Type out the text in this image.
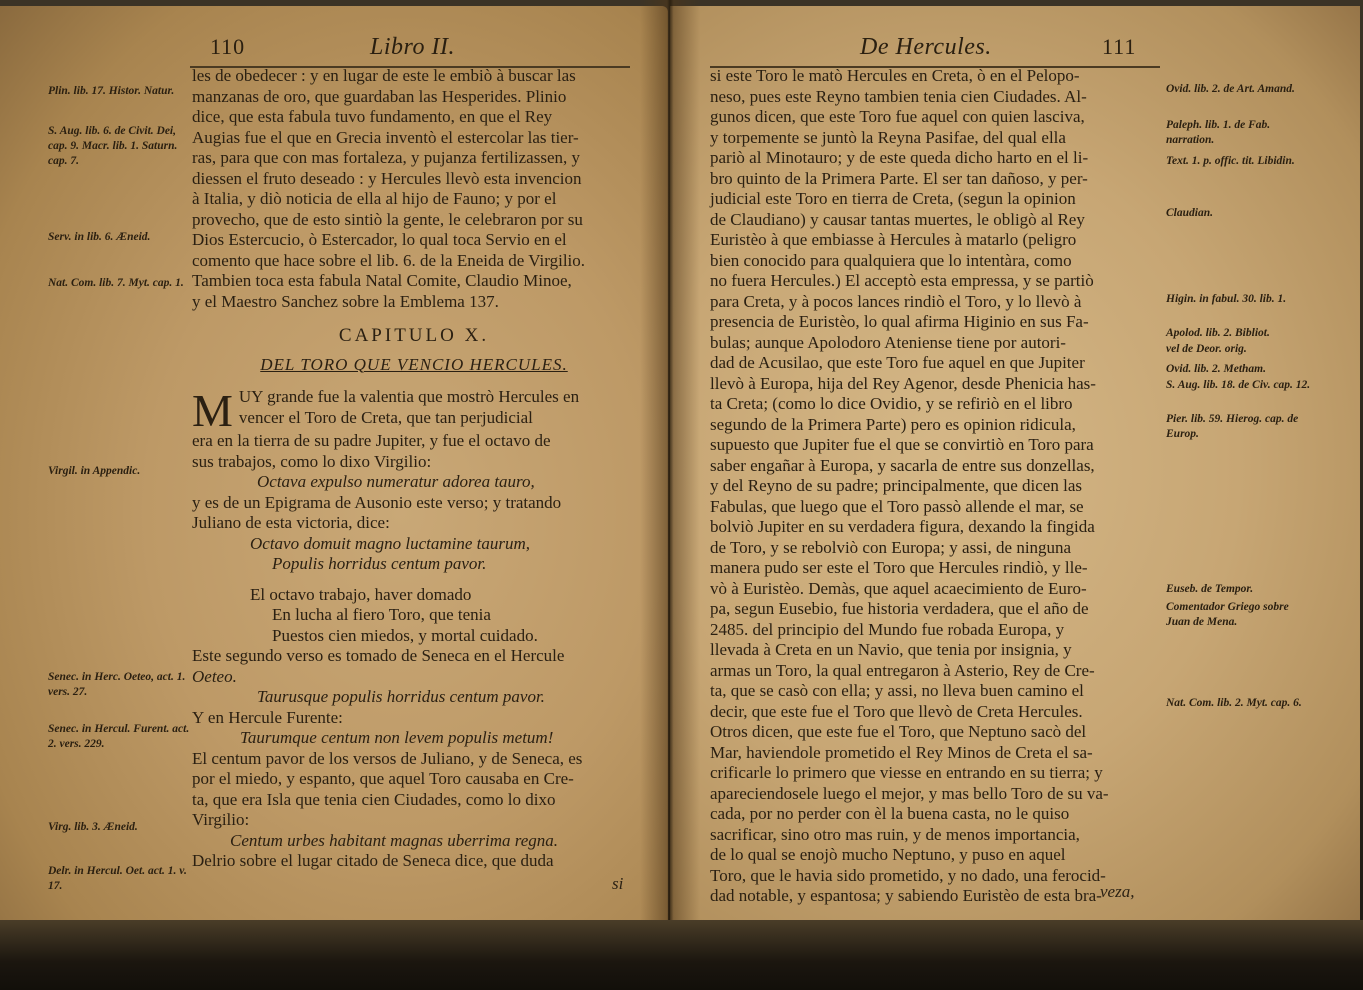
110	Libro II.
Plin. lib. 17. Histor. Natur.
S. Aug. lib. 6. de Civit. Dei, cap. 9. Macr. lib. 1. Saturn. cap. 7.
Serv. in lib. 6. Æneid.
Nat. Com. lib. 7. Myt. cap. 1.
Virgil. in Appendic.
Senec. in Herc. Oeteo, act. 1. vers. 27.
Senec. in Hercul. Furent. act. 2. vers. 229.
Virg. lib. 3. Æneid.
Delr. in Hercul. Oet. act. 1. v. 17.
les de obedecer : y en lugar de este le embiò à buscar las
manzanas de oro, que guardaban las Hesperides. Plinio
dice, que esta fabula tuvo fundamento, en que el Rey
Augias fue el que en Grecia inventò el estercolar las tier-
ras, para que con mas fortaleza, y pujanza fertilizassen, y
diessen el fruto deseado : y Hercules llevò esta invencion
à Italia, y diò noticia de ella al hijo de Fauno; y por el
provecho, que de esto sintiò la gente, le celebraron por su
Dios Estercucio, ò Estercador, lo qual toca Servio en el
comento que hace sobre el lib. 6. de la Eneida de Virgilio.
Tambien toca esta fabula Natal Comite, Claudio Minoe,
y el Maestro Sanchez sobre la Emblema 137.
CAPITULO X.
DEL TORO QUE VENCIO HERCULES.
M UY grande fue la valentia que mostrò Hercules en
vencer el Toro de Creta, que tan perjudicial
era en la tierra de su padre Jupiter, y fue el octavo de
sus trabajos, como lo dixo Virgilio:
Octava expulso numeratur adorea tauro,
y es de un Epigrama de Ausonio este verso; y tratando
Juliano de esta victoria, dice:
Octavo domuit magno luctamine taurum,
Populis horridus centum pavor.
El octavo trabajo, haver domado
En lucha al fiero Toro, que tenia
Puestos cien miedos, y mortal cuidado.
Este segundo verso es tomado de Seneca en el Hercule
Oeteo.
Taurusque populis horridus centum pavor.
Y en Hercule Furente:
Taurumque centum non levem populis metum!
El centum pavor de los versos de Juliano, y de Seneca, es
por el miedo, y espanto, que aquel Toro causaba en Cre-
ta, que era Isla que tenia cien Ciudades, como lo dixo
Virgilio:
Centum urbes habitant magnas uberrima regna.
Delrio sobre el lugar citado de Seneca dice, que duda
si
De Hercules.	111
si este Toro le matò Hercules en Creta, ò en el Pelopo-
neso, pues este Reyno tambien tenia cien Ciudades. Al-
gunos dicen, que este Toro fue aquel con quien lasciva,
y torpemente se juntò la Reyna Pasifae, del qual ella
pariò al Minotauro; y de este queda dicho harto en el li-
bro quinto de la Primera Parte. El ser tan dañoso, y per-
judicial este Toro en tierra de Creta, (segun la opinion
de Claudiano) y causar tantas muertes, le obligò al Rey
Euristèo à que embiasse à Hercules à matarlo (peligro
bien conocido para qualquiera que lo intentàra, como
no fuera Hercules.) El acceptò esta empressa, y se partiò
para Creta, y à pocos lances rindiò el Toro, y lo llevò à
presencia de Euristèo, lo qual afirma Higinio en sus Fa-
bulas; aunque Apolodoro Ateniense tiene por autori-
dad de Acusilao, que este Toro fue aquel en que Jupiter
llevò à Europa, hija del Rey Agenor, desde Phenicia has-
ta Creta; (como lo dice Ovidio, y se refiriò en el libro
segundo de la Primera Parte) pero es opinion ridicula,
supuesto que Jupiter fue el que se convirtiò en Toro para
saber engañar à Europa, y sacarla de entre sus donzellas,
y del Reyno de su padre; principalmente, que dicen las
Fabulas, que luego que el Toro passò allende el mar, se
bolviò Jupiter en su verdadera figura, dexando la fingida
de Toro, y se rebolviò con Europa; y assi, de ninguna
manera pudo ser este el Toro que Hercules rindiò, y lle-
vò à Euristèo. Demàs, que aquel acaecimiento de Euro-
pa, segun Eusebio, fue historia verdadera, que el año de
2485. del principio del Mundo fue robada Europa, y
llevada à Creta en un Navio, que tenia por insignia, y
armas un Toro, la qual entregaron à Asterio, Rey de Cre-
ta, que se casò con ella; y assi, no lleva buen camino el
decir, que este fue el Toro que llevò de Creta Hercules.
Otros dicen, que este fue el Toro, que Neptuno sacò del
Mar, haviendole prometido el Rey Minos de Creta el sa-
crificarle lo primero que viesse en entrando en su tierra; y
apareciendosele luego el mejor, y mas bello Toro de su va-
cada, por no perder con èl la buena casta, no le quiso
sacrificar, sino otro mas ruin, y de menos importancia,
de lo qual se enojò mucho Neptuno, y puso en aquel
Toro, que le havia sido prometido, y no dado, una ferocid-
dad notable, y espantosa; y sabiendo Euristèo de esta bra-
veza,
Ovid. lib. 2. de Art. Amand.
Paleph. lib. 1. de Fab. narration.
Text. 1. p. offic. tit. Libidin.
Claudian.
Higin. in fabul. 30. lib. 1.
Apolod. lib. 2. Bibliot.
vel de Deor. orig.
Ovid. lib. 2. Metham.
S. Aug. lib. 18. de Civ. cap. 12.
Pier. lib. 59. Hierog. cap. de Europ.
Euseb. de Tempor.
Comentador Griego sobre Juan de Mena.
Nat. Com. lib. 2. Myt. cap. 6.
